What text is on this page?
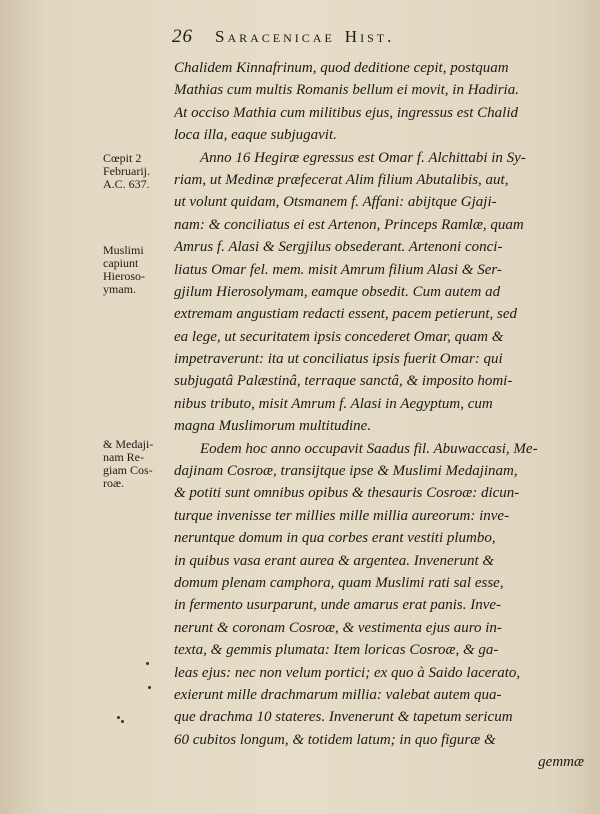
26 Saracenicae Hist.
Chalidem Kinnafrinum, quod deditione cepit, postquam
Mathias cum multis Romanis bellum ei movit, in Hadiria.
At occiso Mathia cum militibus ejus, ingressus est Chalid
loca illa, eaque subjugavit.
Anno 16 Hegiræ egressus est Omar f. Alchittabi in Sy-
riam, ut Medinæ præfecerat Alim filium Abutalibis, aut,
ut volunt quidam, Otsmanem f. Affani: abijtque Gjaji-
nam: & conciliatus ei est Artenon, Princeps Ramlæ, quam
Amrus f. Alasi & Sergjilus obsederant. Artenoni conci-
liatus Omar fel. mem. misit Amrum filium Alasi & Ser-
gjilum Hierosolymam, eamque obsedit. Cum autem ad
extremam angustiam redacti essent, pacem petierunt, sed
ea lege, ut securitatem ipsis concederet Omar, quam &
impetraverunt: ita ut conciliatus ipsis fuerit Omar: qui
subjugatâ Palæstinâ, terraque sanctâ, & imposito homi-
nibus tributo, misit Amrum f. Alasi in Aegyptum, cum
magna Muslimorum multitudine.
Eodem hoc anno occupavit Saadus fil. Abuwaccasi, Me-
dajinam Cosroæ, transijtque ipse & Muslimi Medajinam,
& potiti sunt omnibus opibus & thesauris Cosroæ: dicun-
turque invenisse ter millies mille millia aureorum: inve-
neruntque domum in qua corbes erant vestiti plumbo,
in quibus vasa erant aurea & argentea. Invenerunt &
domum plenam camphora, quam Muslimi rati sal esse,
in fermento usurparunt, unde amarus erat panis. Inve-
nerunt & coronam Cosroæ, & vestimenta ejus auro in-
texta, & gemmis plumata: Item loricas Cosroæ, & ga-
leas ejus: nec non velum portici; ex quo à Saido lacerato,
exierunt mille drachmarum millia: valebat autem qua-
que drachma 10 stateres. Invenerunt & tapetum sericum
60 cubitos longum, & totidem latum; in quo figuræ &
gemmæ
Cœpit 2
Februarij.
A.C. 637.
Muslimi
capiunt
Hieroso-
ymam.
& Medaji-
nam Re-
giam Cos-
roæ.
